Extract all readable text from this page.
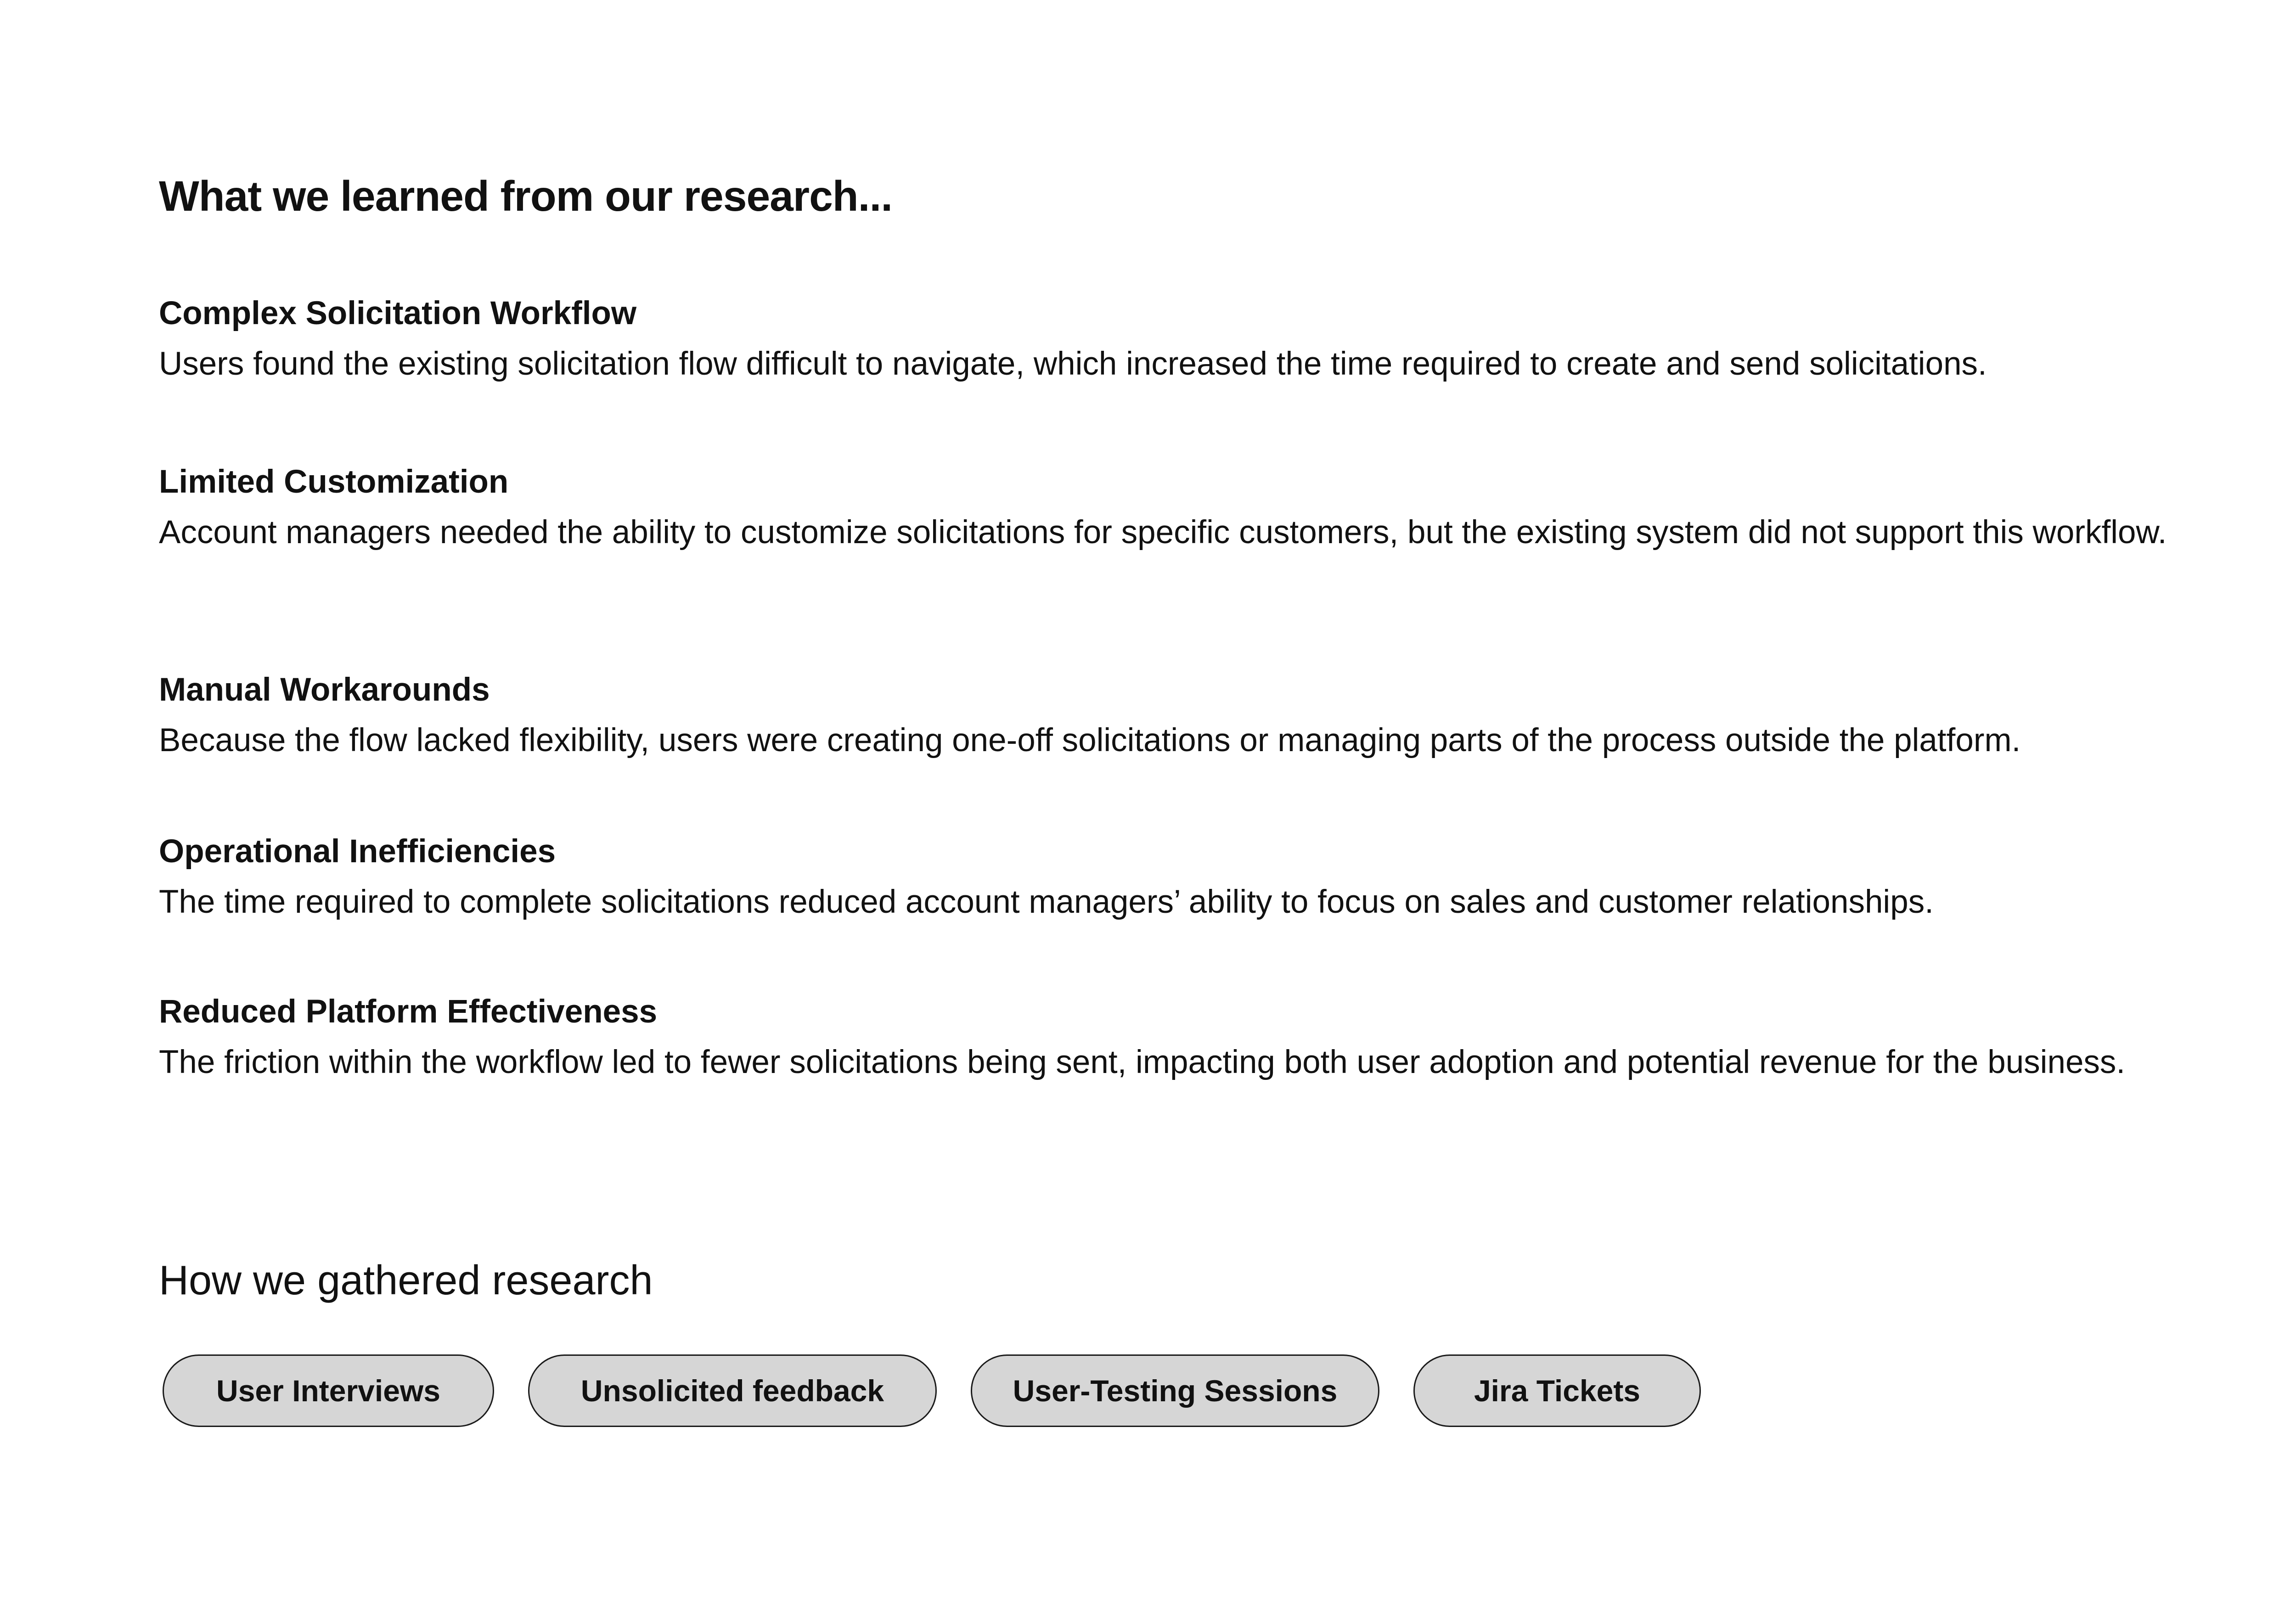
What we learned from our research...
Complex Solicitation Workflow

Users found the existing solicitation flow difficult to navigate, which increased the time required to create and send solicitations.

Limited Customization

Account managers needed the ability to customize solicitations for specific customers, but the existing system did not support this workflow.

Manual Workarounds

Because the flow lacked flexibility, users were creating one-off solicitations or managing parts of the process outside the platform.

Operational Inefficiencies

The time required to complete solicitations reduced account managers’ ability to focus on sales and customer relationships.

Reduced Platform Effectiveness

The friction within the workflow led to fewer solicitations being sent, impacting both user adoption and potential revenue for the business.

How we gathered research
User Interviews	Unsolicited feedback	User-Testing Sessions	Jira Tickets
